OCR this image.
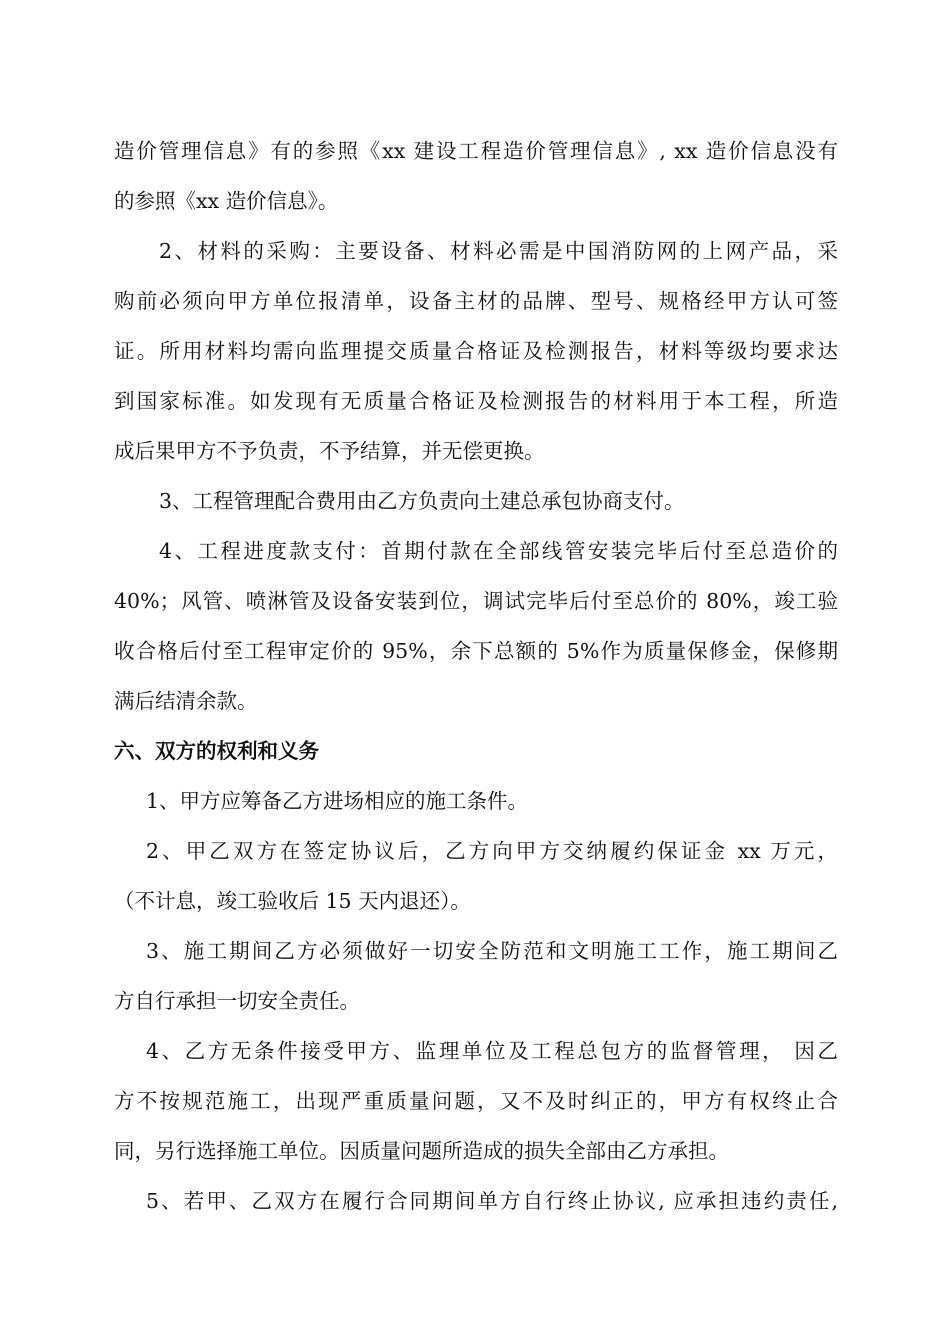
造价管理信息》有的参照《xx 建设工程造价管理信息》, xx 造价信息没有
的参照《xx 造价信息》。
2、材料的采购：主要设备、材料必需是中国消防网的上网产品，采
购前必须向甲方单位报清单，设备主材的品牌、型号、规格经甲方认可签
证。所用材料均需向监理提交质量合格证及检测报告，材料等级均要求达
到国家标准。如发现有无质量合格证及检测报告的材料用于本工程，所造
成后果甲方不予负责，不予结算，并无偿更换。
3、工程管理配合费用由乙方负责向土建总承包协商支付。
4、工程进度款支付：首期付款在全部线管安装完毕后付至总造价的
40%；风管、喷淋管及设备安装到位，调试完毕后付至总价的 80%，竣工验
收合格后付至工程审定价的 95%，余下总额的 5%作为质量保修金，保修期
满后结清余款。
六、双方的权利和义务
1、甲方应筹备乙方进场相应的施工条件。
2、甲乙双方在签定协议后，乙方向甲方交纳履约保证金 xx 万元，
（不计息，竣工验收后 15 天内退还）。
3、施工期间乙方必须做好一切安全防范和文明施工工作，施工期间乙
方自行承担一切安全责任。
4、乙方无条件接受甲方、监理单位及工程总包方的监督管理， 因乙
方不按规范施工，出现严重质量问题，又不及时纠正的，甲方有权终止合
同，另行选择施工单位。因质量问题所造成的损失全部由乙方承担。
5、若甲、乙双方在履行合同期间单方自行终止协议, 应承担违约责任,
